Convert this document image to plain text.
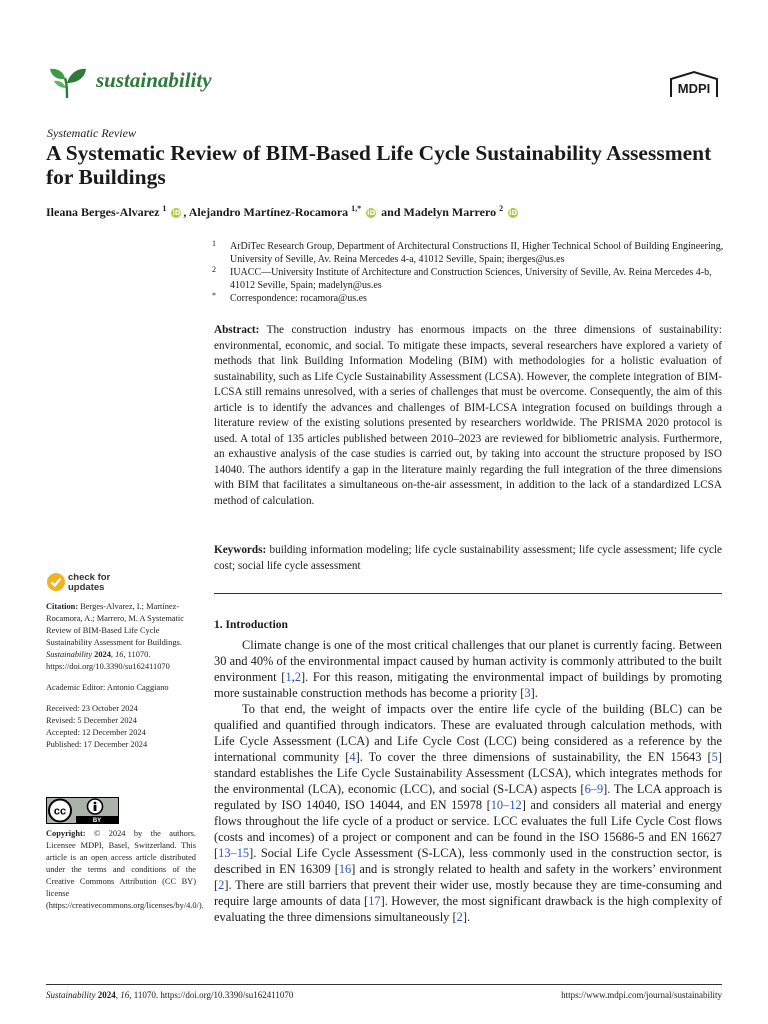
sustainability	MDPI
Systematic Review
A Systematic Review of BIM-Based Life Cycle Sustainability Assessment for Buildings
Ileana Berges-Alvarez $^1$ iD , Alejandro Martínez-Rocamora $^{1,*}$ iD and Madelyn Marrero $^2$ iD
1 ArDiTec Research Group, Department of Architectural Constructions II, Higher Technical School of Building Engineering, University of Seville, Av. Reina Mercedes 4-a, 41012 Seville, Spain; iberges@us.es
2 IUACC—University Institute of Architecture and Construction Sciences, University of Seville, Av. Reina Mercedes 4-b, 41012 Seville, Spain; madelyn@us.es
* Correspondence: rocamora@us.es
Abstract: The construction industry has enormous impacts on the three dimensions of sustainability: environmental, economic, and social. To mitigate these impacts, several researchers have explored a variety of methods that link Building Information Modeling (BIM) with methodologies for a holistic evaluation of sustainability, such as Life Cycle Sustainability Assessment (LCSA). However, the complete integration of BIM-LCSA still remains unresolved, with a series of challenges that must be overcome. Consequently, the aim of this article is to identify the advances and challenges of BIM-LCSA integration focused on buildings through a literature review of the existing solutions presented by researchers worldwide. The PRISMA 2020 protocol is used. A total of 135 articles published between 2010–2023 are reviewed for bibliometric analysis. Furthermore, an exhaustive analysis of the case studies is carried out, by taking into account the structure proposed by ISO 14040. The authors identify a gap in the literature mainly regarding the full integration of the three dimensions with BIM that facilitates a simultaneous on-the-air assessment, in addition to the lack of a standardized LCSA method of calculation.
Keywords: building information modeling; life cycle sustainability assessment; life cycle assessment; life cycle cost; social life cycle assessment
check for
updates

Citation: Berges-Alvarez, I.; Martínez-Rocamora, A.; Marrero, M. A Systematic Review of BIM-Based Life Cycle Sustainability Assessment for Buildings. Sustainability 2024, 16, 11070. https://doi.org/10.3390/su162411070

Academic Editor: Antonio Caggiano

Received: 23 October 2024

Revised: 5 December 2024

Accepted: 12 December 2024

Published: 17 December 2024

cc
BY
Copyright: © 2024 by the authors. Licensee MDPI, Basel, Switzerland. This article is an open access article distributed under the terms and conditions of the Creative Commons Attribution (CC BY) license (https://creativecommons.org/licenses/by/4.0/).
1. Introduction

Climate change is one of the most critical challenges that our planet is currently facing. Between 30 and 40% of the environmental impact caused by human activity is commonly attributed to the built environment [1,2]. For this reason, mitigating the environmental impact of buildings by promoting more sustainable construction methods has become a priority [3].

To that end, the weight of impacts over the entire life cycle of the building (BLC) can be qualified and quantified through indicators. These are evaluated through calculation methods, with Life Cycle Assessment (LCA) and Life Cycle Cost (LCC) being considered as a reference by the international community [4]. To cover the three dimensions of sustainability, the EN 15643 [5] standard establishes the Life Cycle Sustainability Assessment (LCSA), which integrates methods for the environmental (LCA), economic (LCC), and social (S-LCA) aspects [6–9]. The LCA approach is regulated by ISO 14040, ISO 14044, and EN 15978 [10–12] and considers all material and energy flows throughout the life cycle of a product or service. LCC evaluates the full Life Cycle Cost flows (costs and incomes) of a project or component and can be found in the ISO 15686-5 and EN 16627 [13–15]. Social Life Cycle Assessment (S-LCA), less commonly used in the construction sector, is described in EN 16309 [16] and is strongly related to health and safety in the workers’ environment [2]. There are still barriers that prevent their wider use, mostly because they are time-consuming and require large amounts of data [17]. However, the most significant drawback is the high complexity of evaluating the three dimensions simultaneously [2].

Sustainability 2024, 16, 11070. https://doi.org/10.3390/su162411070	https://www.mdpi.com/journal/sustainability
